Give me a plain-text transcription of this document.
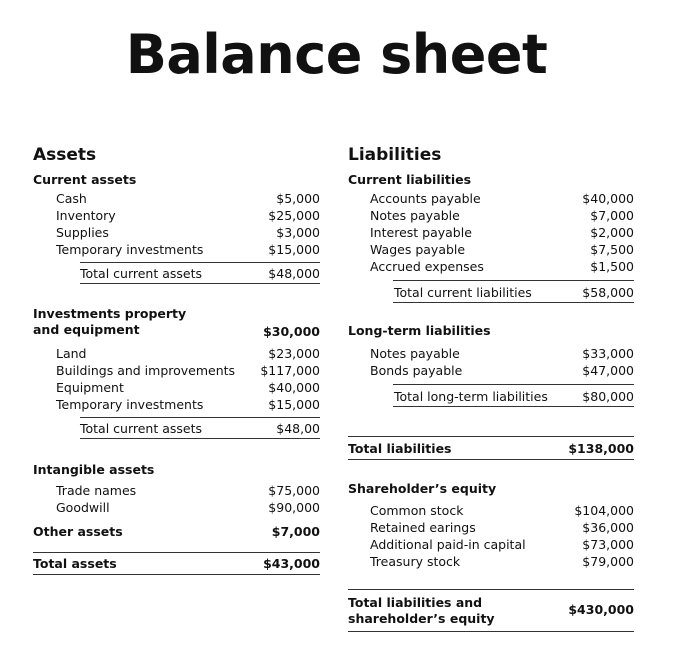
Balance sheet
Assets
Current assets
Cash	$5,000
Inventory	$25,000
Supplies	$3,000
Temporary investments	$15,000
Total current assets	$48,000
Investments property
and equipment	$30,000
Land	$23,000
Buildings and improvements	$117,000
Equipment	$40,000
Temporary investments	$15,000
Total current assets	$48,00
Intangible assets
Trade names	$75,000
Goodwill	$90,000
Other assets	$7,000
Total assets	$43,000
Liabilities
Current liabilities
Accounts payable	$40,000
Notes payable	$7,000
Interest payable	$2,000
Wages payable	$7,500
Accrued expenses	$1,500
Total current liabilities	$58,000
Long-term liabilities
Notes payable	$33,000
Bonds payable	$47,000
Total long-term liabilities	$80,000
Total liabilities	$138,000
Shareholder’s equity
Common stock	$104,000
Retained earings	$36,000
Additional paid-in capital	$73,000
Treasury stock	$79,000
Total liabilities and
shareholder’s equity
$430,000
